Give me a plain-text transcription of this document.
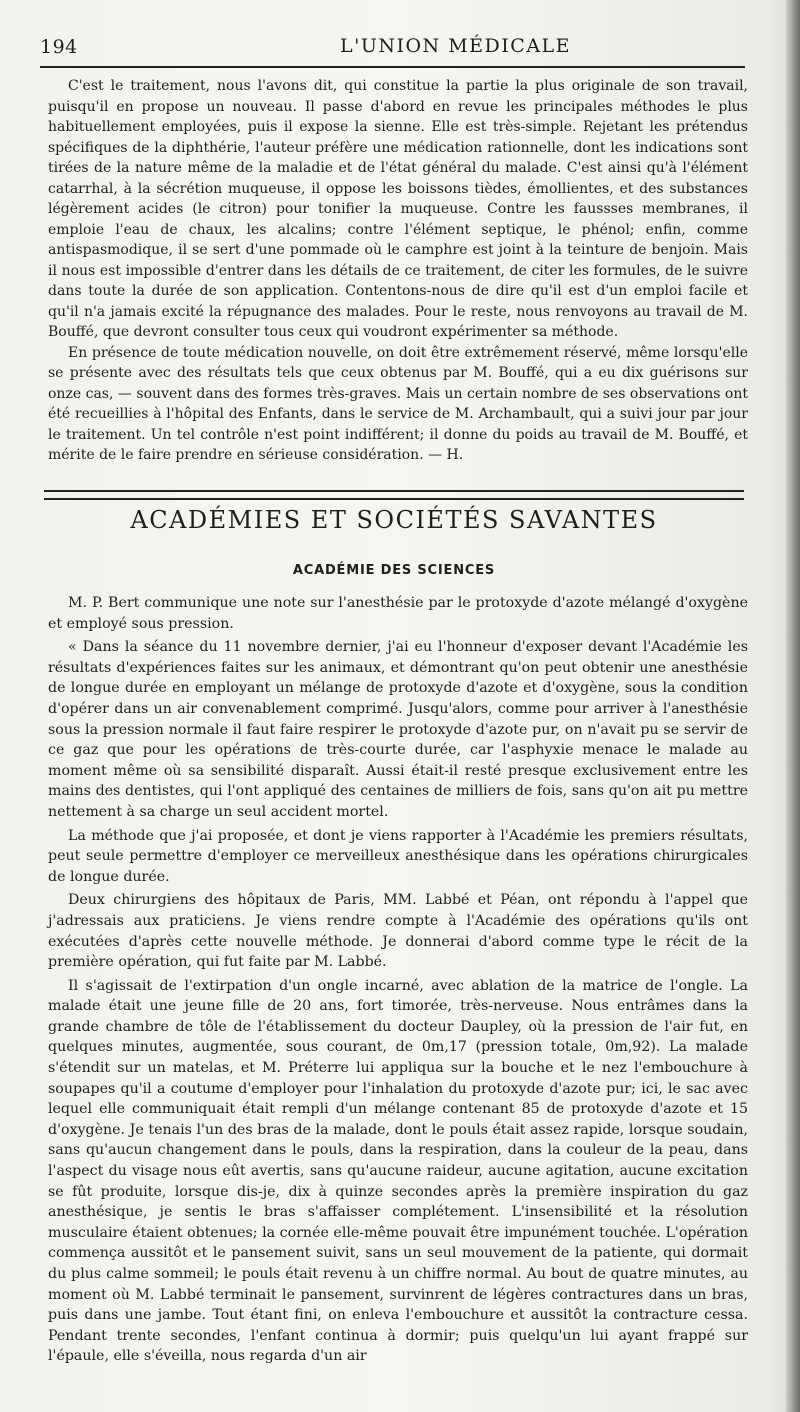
194	L'UNION MÉDICALE

C'est le traitement, nous l'avons dit, qui constitue la partie la plus originale de son travail, puisqu'il en propose un nouveau. Il passe d'abord en revue les principales méthodes le plus habituellement employées, puis il expose la sienne. Elle est très-simple. Rejetant les prétendus spécifiques de la diphthérie, l'auteur préfère une médication rationnelle, dont les indications sont tirées de la nature même de la maladie et de l'état général du malade. C'est ainsi qu'à l'élément catarrhal, à la sécrétion muqueuse, il oppose les boissons tièdes, émollientes, et des substances légèrement acides (le citron) pour tonifier la muqueuse. Contre les faussses membranes, il emploie l'eau de chaux, les alcalins; contre l'élément septique, le phénol; enfin, comme antispasmodique, il se sert d'une pommade où le camphre est joint à la teinture de benjoin. Mais il nous est impossible d'entrer dans les détails de ce traitement, de citer les formules, de le suivre dans toute la durée de son application. Contentons-nous de dire qu'il est d'un emploi facile et qu'il n'a jamais excité la répugnance des malades. Pour le reste, nous renvoyons au travail de M. Bouffé, que devront consulter tous ceux qui voudront expérimenter sa méthode.

En présence de toute médication nouvelle, on doit être extrêmement réservé, même lorsqu'elle se présente avec des résultats tels que ceux obtenus par M. Bouffé, qui a eu dix guérisons sur onze cas, — souvent dans des formes très-graves. Mais un certain nombre de ses observations ont été recueillies à l'hôpital des Enfants, dans le service de M. Archambault, qui a suivi jour par jour le traitement. Un tel contrôle n'est point indifférent; il donne du poids au travail de M. Bouffé, et mérite de le faire prendre en sérieuse considération. — H.

ACADÉMIES ET SOCIÉTÉS SAVANTES
ACADÉMIE DES SCIENCES

M. P. Bert communique une note sur l'anesthésie par le protoxyde d'azote mélangé d'oxygène et employé sous pression.

« Dans la séance du 11 novembre dernier, j'ai eu l'honneur d'exposer devant l'Académie les résultats d'expériences faites sur les animaux, et démontrant qu'on peut obtenir une anesthésie de longue durée en employant un mélange de protoxyde d'azote et d'oxygène, sous la condition d'opérer dans un air convenablement comprimé. Jusqu'alors, comme pour arriver à l'anesthésie sous la pression normale il faut faire respirer le protoxyde d'azote pur, on n'avait pu se servir de ce gaz que pour les opérations de très-courte durée, car l'asphyxie menace le malade au moment même où sa sensibilité disparaît. Aussi était-il resté presque exclusivement entre les mains des dentistes, qui l'ont appliqué des centaines de milliers de fois, sans qu'on ait pu mettre nettement à sa charge un seul accident mortel.

La méthode que j'ai proposée, et dont je viens rapporter à l'Académie les premiers résultats, peut seule permettre d'employer ce merveilleux anesthésique dans les opérations chirurgicales de longue durée.

Deux chirurgiens des hôpitaux de Paris, MM. Labbé et Péan, ont répondu à l'appel que j'adressais aux praticiens. Je viens rendre compte à l'Académie des opérations qu'ils ont exécutées d'après cette nouvelle méthode. Je donnerai d'abord comme type le récit de la première opération, qui fut faite par M. Labbé.

Il s'agissait de l'extirpation d'un ongle incarné, avec ablation de la matrice de l'ongle. La malade était une jeune fille de 20 ans, fort timorée, très-nerveuse. Nous entrâmes dans la grande chambre de tôle de l'établissement du docteur Daupley, où la pression de l'air fut, en quelques minutes, augmentée, sous courant, de 0m,17 (pression totale, 0m,92). La malade s'étendit sur un matelas, et M. Préterre lui appliqua sur la bouche et le nez l'embouchure à soupapes qu'il a coutume d'employer pour l'inhalation du protoxyde d'azote pur; ici, le sac avec lequel elle communiquait était rempli d'un mélange contenant 85 de protoxyde d'azote et 15 d'oxygène. Je tenais l'un des bras de la malade, dont le pouls était assez rapide, lorsque soudain, sans qu'aucun changement dans le pouls, dans la respiration, dans la couleur de la peau, dans l'aspect du visage nous eût avertis, sans qu'aucune raideur, aucune agitation, aucune excitation se fût produite, lorsque dis-je, dix à quinze secondes après la première inspiration du gaz anesthésique, je sentis le bras s'affaisser complétement. L'insensibilité et la résolution musculaire étaient obtenues; la cornée elle-même pouvait être impunément touchée. L'opération commença aussitôt et le pansement suivit, sans un seul mouvement de la patiente, qui dormait du plus calme sommeil; le pouls était revenu à un chiffre normal. Au bout de quatre minutes, au moment où M. Labbé terminait le pansement, survinrent de légères contractures dans un bras, puis dans une jambe. Tout étant fini, on enleva l'embouchure et aussitôt la contracture cessa. Pendant trente secondes, l'enfant continua à dormir; puis quelqu'un lui ayant frappé sur l'épaule, elle s'éveilla, nous regarda d'un air
